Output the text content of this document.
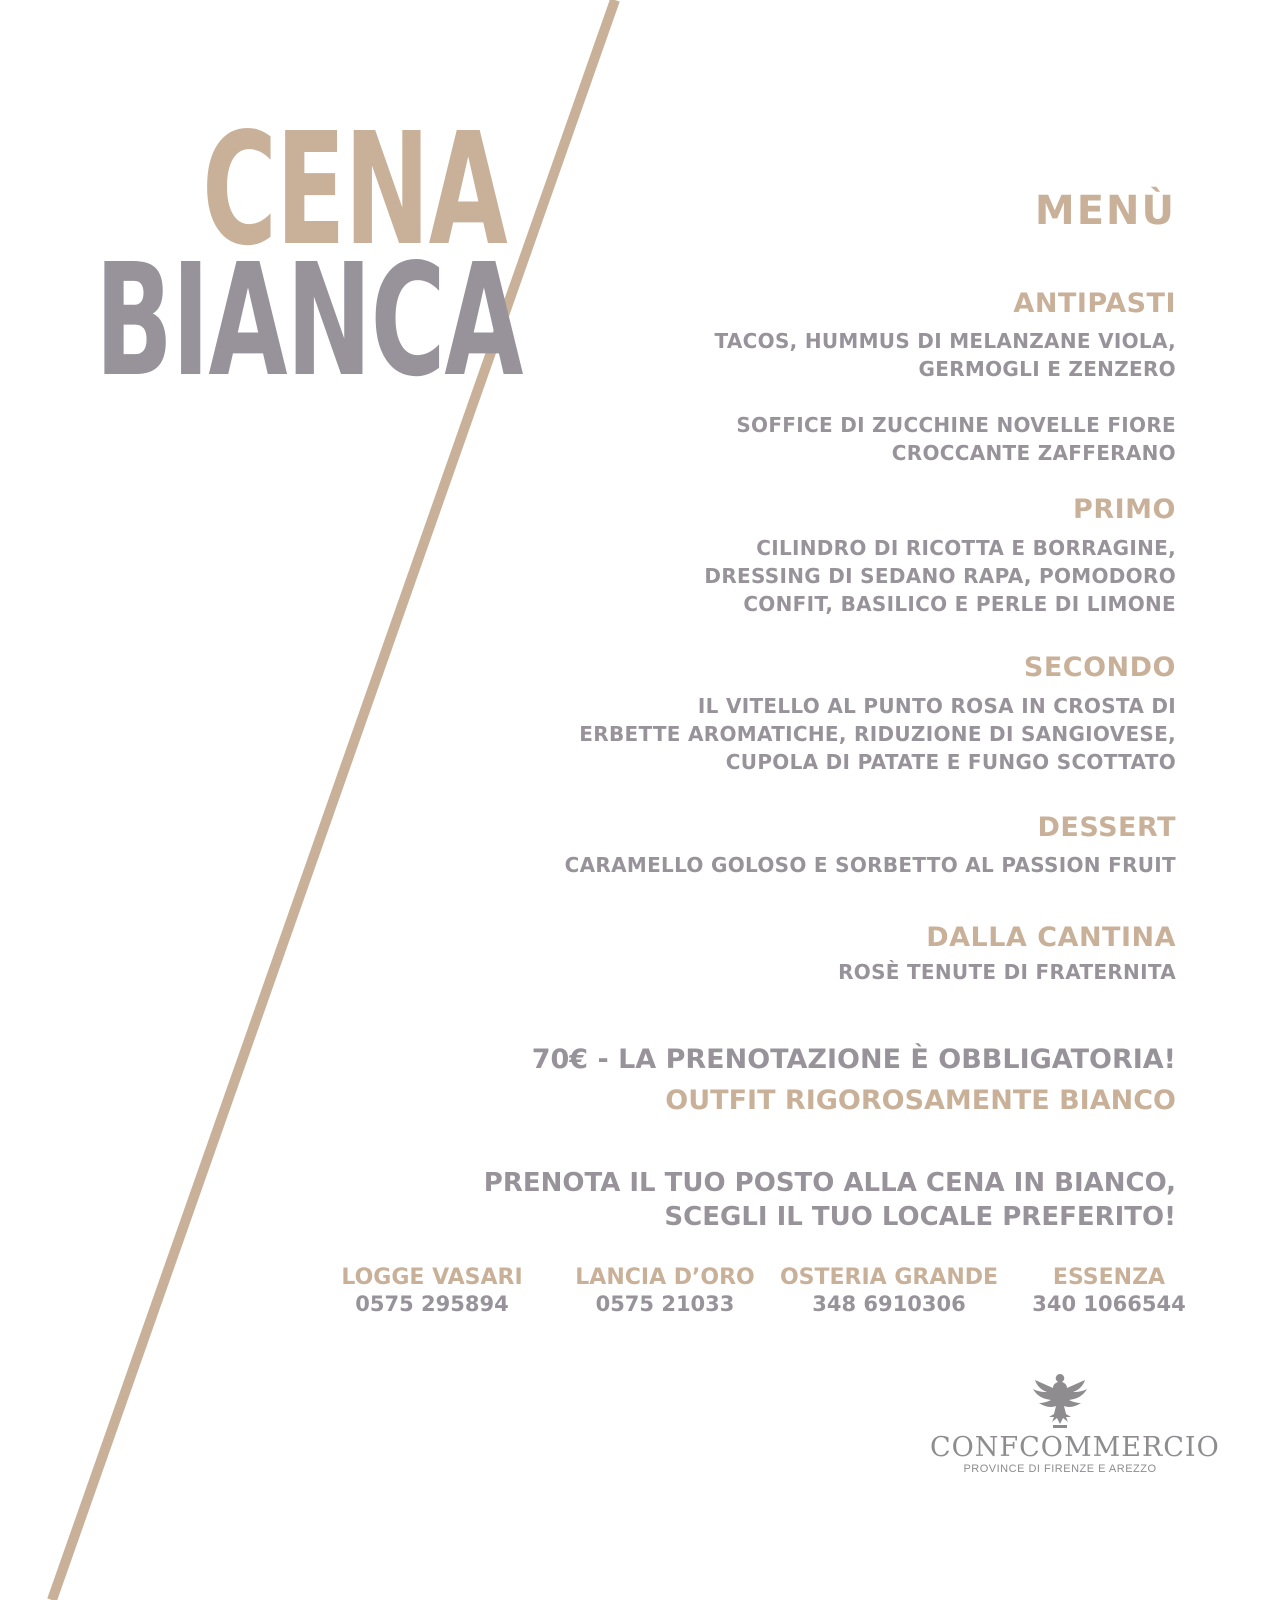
CENA
BIANCA
MENÙ
ANTIPASTI
TACOS, HUMMUS DI MELANZANE VIOLA,
GERMOGLI E ZENZERO
SOFFICE DI ZUCCHINE NOVELLE FIORE
CROCCANTE ZAFFERANO
PRIMO
CILINDRO DI RICOTTA E BORRAGINE,
DRESSING DI SEDANO RAPA, POMODORO
CONFIT, BASILICO E PERLE DI LIMONE
SECONDO
IL VITELLO AL PUNTO ROSA IN CROSTA DI
ERBETTE AROMATICHE, RIDUZIONE DI SANGIOVESE,
CUPOLA DI PATATE E FUNGO SCOTTATO
DESSERT
CARAMELLO GOLOSO E SORBETTO AL PASSION FRUIT
DALLA CANTINA
ROSÈ TENUTE DI FRATERNITA
70€ - LA PRENOTAZIONE È OBBLIGATORIA!
OUTFIT RIGOROSAMENTE BIANCO
PRENOTA IL TUO POSTO ALLA CENA IN BIANCO,
SCEGLI IL TUO LOCALE PREFERITO!
LOGGE VASARI
0575 295894
LANCIA D’ORO
0575 21033
OSTERIA GRANDE
348 6910306
ESSENZA
340 1066544
CONFCOMMERCIO
PROVINCE DI FIRENZE E AREZZO
